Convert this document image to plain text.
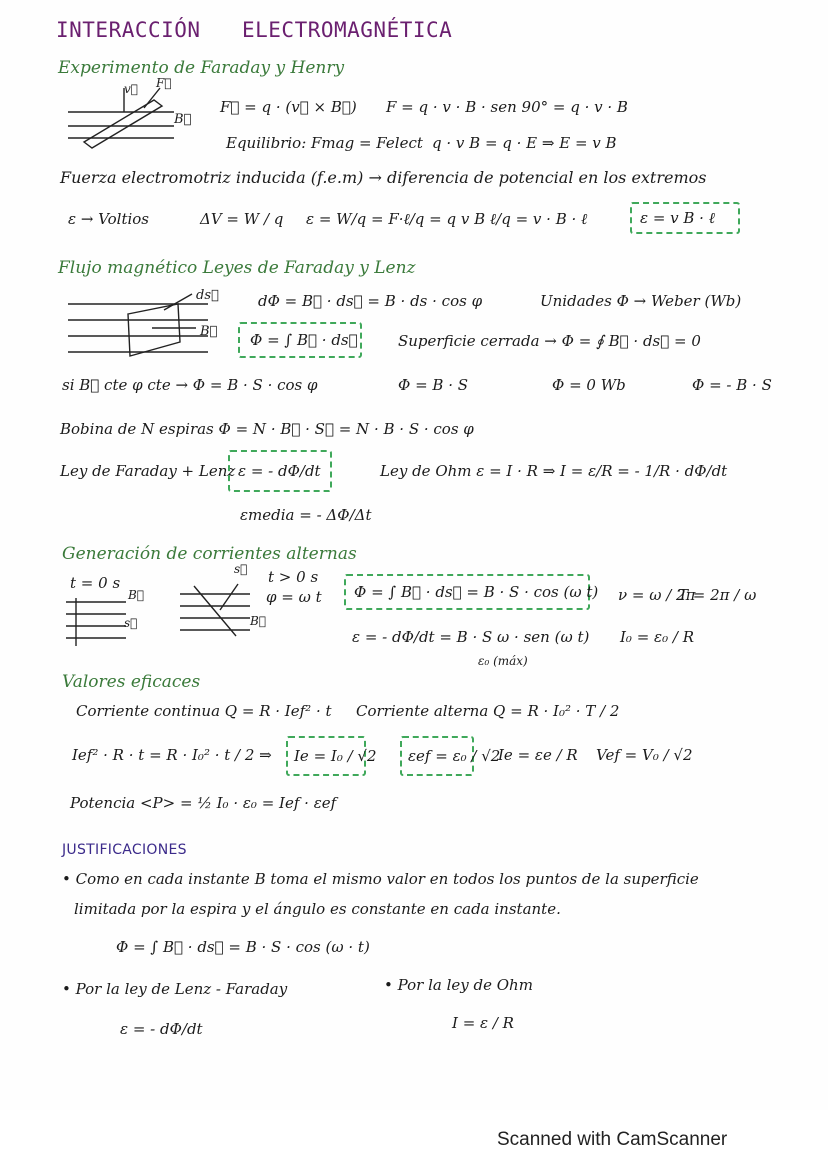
INTERACCIÓN ELECTROMAGNÉTICA
Experimento de Faraday y Henry
v⃗ F⃗
B⃗
F⃗ = q · (v⃗ × B⃗) F = q · v · B · sen 90° = q · v · B
Equilibrio: Fmag = Felect q · v B = q · E ⇒ E = v B
Fuerza electromotriz inducida (f.e.m) → diferencia de potencial en los extremos
ε → Voltios	ΔV = W / q ε = W/q = F·ℓ/q = q v B ℓ/q = v · B · ℓ	ε = v B · ℓ
Flujo magnético Leyes de Faraday y Lenz
ds⃗
B⃗
dΦ = B⃗ · ds⃗ = B · ds · cos φ	Unidades Φ → Weber (Wb)
Φ = ∫ B⃗ · ds⃗	Superficie cerrada → Φ = ∮ B⃗ · ds⃗ = 0
si B⃗ cte φ cte → Φ = B · S · cos φ	Φ = B · S	Φ = 0 Wb	Φ = - B · S
Bobina de N espiras Φ = N · B⃗ · S⃗ = N · B · S · cos φ
Ley de Faraday + Lenz ε = - dΦ/dt	Ley de Ohm ε = I · R ⇒ I = ε/R = - 1/R · dΦ/dt
εmedia = - ΔΦ/Δt
Generación de corrientes alternas
t = 0 s
B⃗
s⃗
s⃗
B⃗
t > 0 s
φ = ω t Φ = ∫ B⃗ · ds⃗ = B · S · cos (ω t) ν = ω / 2π
T = 2π / ω
ε = - dΦ/dt = B · S ω · sen (ω t)
ε₀ (máx)
I₀ = ε₀ / R
Valores eficaces
Corriente continua Q = R · Ief² · t Corriente alterna Q = R · I₀² · T / 2
Ief² · R · t = R · I₀² · t / 2 ⇒ Ie = I₀ / √2 εef = ε₀ / √2
Ie = εe / R Vef = V₀ / √2
Potencia <P> = ½ I₀ · ε₀ = Ief · εef
JUSTIFICACIONES
• Como en cada instante B toma el mismo valor en todos los puntos de la superficie
limitada por la espira y el ángulo es constante en cada instante.
Φ = ∫ B⃗ · ds⃗ = B · S · cos (ω · t)
• Por la ley de Lenz - Faraday
ε = - dΦ/dt
• Por la ley de Ohm
I = ε / R
Scanned with CamScanner
